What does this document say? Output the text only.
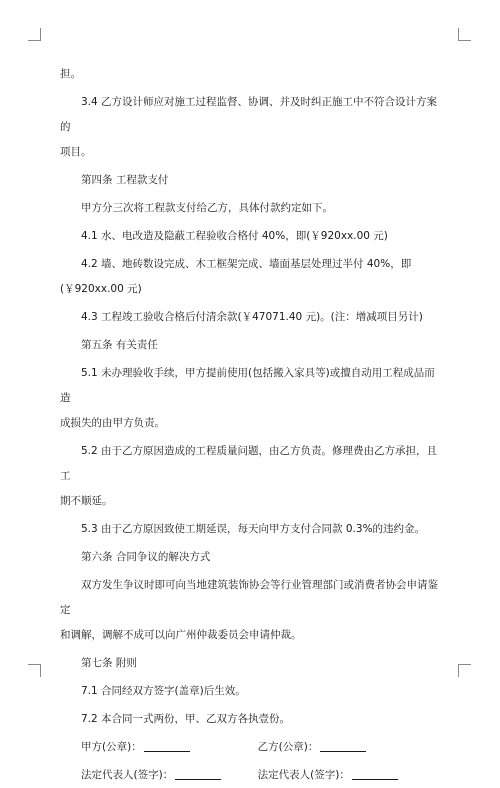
担。

3.4 乙方设计师应对施工过程监督、协调、并及时纠正施工中不符合设计方案的
项目。

第四条 工程款支付

甲方分三次将工程款支付给乙方，具体付款约定如下。

4.1 水、电改造及隐蔽工程验收合格付 40%，即(￥920xx.00 元)

4.2 墙、地砖数设完成、木工框架完成、墙面基层处理过半付 40%，即
(￥920xx.00 元)

4.3 工程竣工验收合格后付清余款(￥47071.40 元)。(注：增减项目另计)

第五条 有关责任

5.1 未办理验收手续，甲方提前使用(包括搬入家具等)或擅自动用工程成品而造
成损失的由甲方负责。

5.2 由于乙方原因造成的工程质量问题，由乙方负责。修理费由乙方承担，且工
期不顺延。

5.3 由于乙方原因致使工期延误，每天向甲方支付合同款 0.3%的违约金。

第六条 合同争议的解决方式

双方发生争议时即可向当地建筑装饰协会等行业管理部门或消费者协会申请鉴定
和调解，调解不成可以向广州仲裁委员会申请仲裁。

第七条 附则

7.1 合同经双方签字(盖章)后生效。

7.2 本合同一式两份，甲、乙双方各执壹份。

甲方(公章)：	乙方(公章)：
法定代表人(签字)：	法定代表人(签字)：
